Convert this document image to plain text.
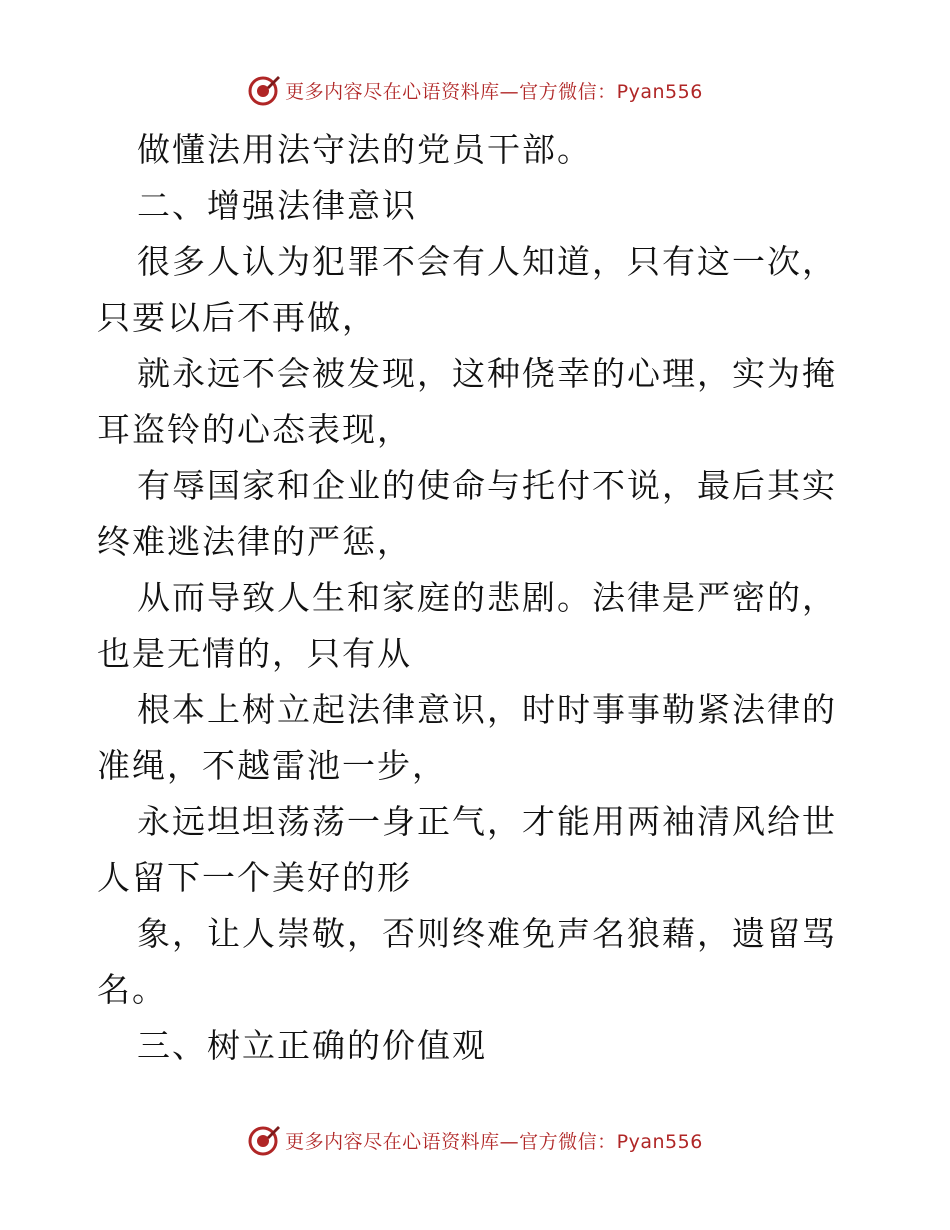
更多内容尽在心语资料库—官方微信：Pyan556

做懂法用法守法的党员干部。

二、增强法律意识

很多人认为犯罪不会有人知道，只有这一次，只要以后不再做，

就永远不会被发现，这种侥幸的心理，实为掩耳盗铃的心态表现，

有辱国家和企业的使命与托付不说，最后其实终难逃法律的严惩，

从而导致人生和家庭的悲剧。法律是严密的，也是无情的，只有从

根本上树立起法律意识，时时事事勒紧法律的准绳，不越雷池一步，

永远坦坦荡荡一身正气，才能用两袖清风给世人留下一个美好的形

象，让人崇敬，否则终难免声名狼藉，遗留骂名。

三、树立正确的价值观

更多内容尽在心语资料库—官方微信：Pyan556
